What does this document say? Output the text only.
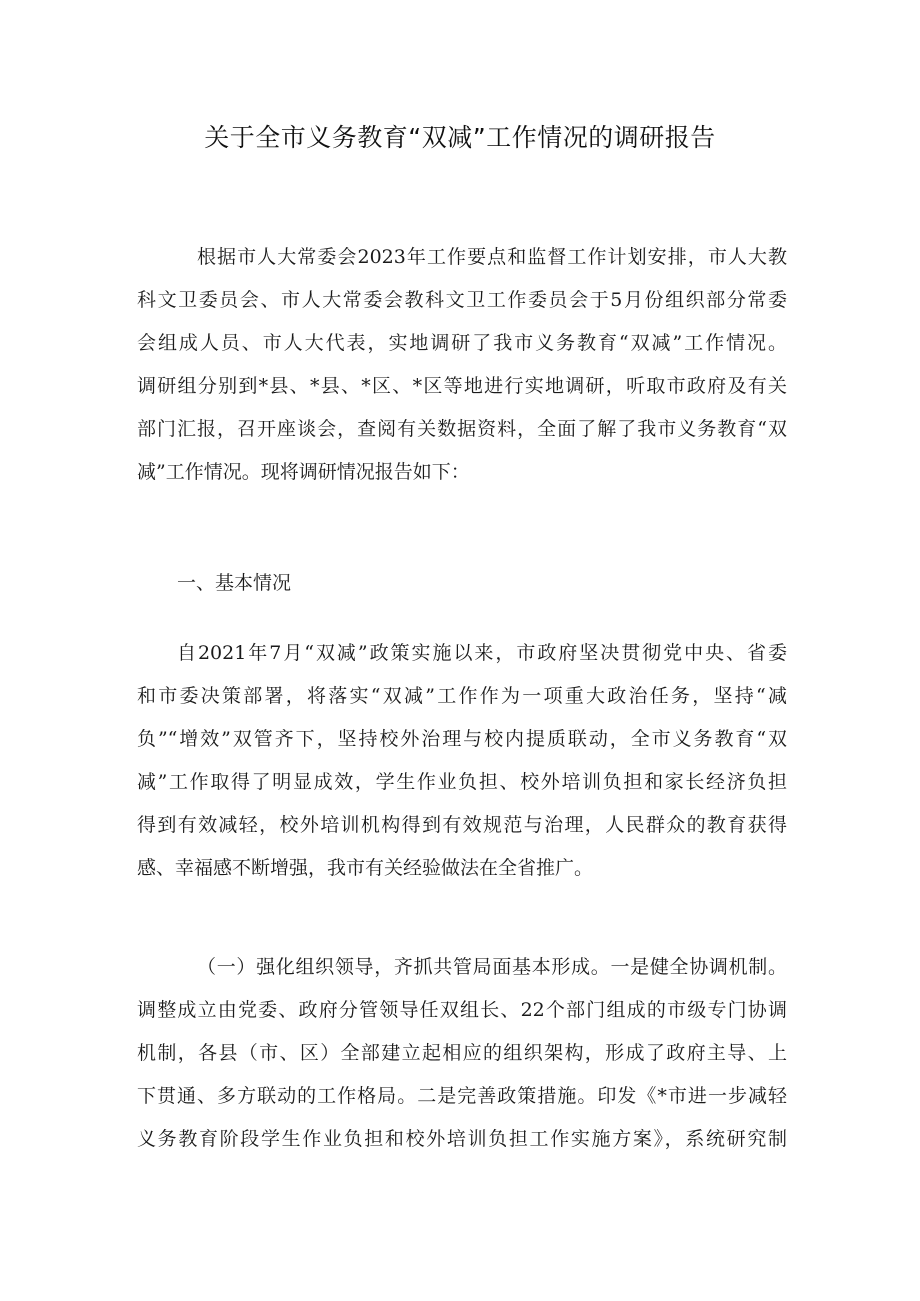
关于全市义务教育“双减”工作情况的调研报告
根据市人大常委会2023年工作要点和监督工作计划安排，市人大教
科文卫委员会、市人大常委会教科文卫工作委员会于5月份组织部分常委
会组成人员、市人大代表，实地调研了我市义务教育“双减”工作情况。
调研组分别到*县、*县、*区、*区等地进行实地调研，听取市政府及有关
部门汇报，召开座谈会，查阅有关数据资料，全面了解了我市义务教育“双
减”工作情况。现将调研情况报告如下：
一、基本情况
自2021年7月“双减”政策实施以来，市政府坚决贯彻党中央、省委
和市委决策部署，将落实“双减”工作作为一项重大政治任务，坚持“减
负”“增效”双管齐下，坚持校外治理与校内提质联动，全市义务教育“双
减”工作取得了明显成效，学生作业负担、校外培训负担和家长经济负担
得到有效减轻，校外培训机构得到有效规范与治理，人民群众的教育获得
感、幸福感不断增强，我市有关经验做法在全省推广。
（一）强化组织领导，齐抓共管局面基本形成。一是健全协调机制。
调整成立由党委、政府分管领导任双组长、22个部门组成的市级专门协调
机制，各县（市、区）全部建立起相应的组织架构，形成了政府主导、上
下贯通、多方联动的工作格局。二是完善政策措施。印发《*市进一步减轻
义务教育阶段学生作业负担和校外培训负担工作实施方案》，系统研究制
